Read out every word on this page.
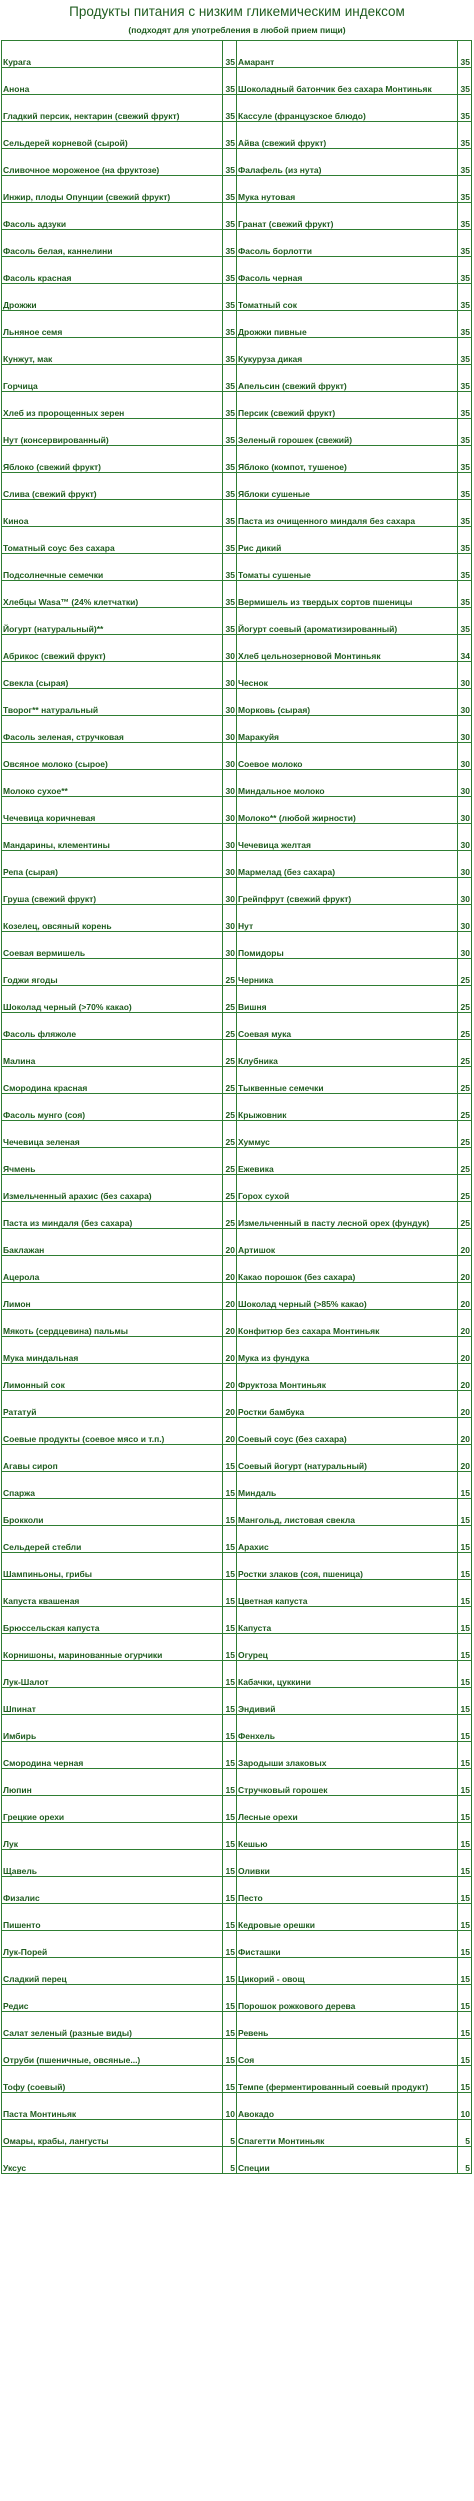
Продукты питания с низким гликемическим индексом
(подходят для употребления в любой прием пищи)
Курага	35	Амарант	35
Анона	35	Шоколадный батончик без сахара Монтиньяк	35
Гладкий персик, нектарин (свежий фрукт)	35	Кассуле (французское блюдо)	35
Сельдерей корневой (сырой)	35	Айва (свежий фрукт)	35
Сливочное мороженое (на фруктозе)	35	Фалафель (из нута)	35
Инжир, плоды Опунции (свежий фрукт)	35	Мука нутовая	35
Фасоль адзуки	35	Гранат (свежий фрукт)	35
Фасоль белая, каннелини	35	Фасоль борлотти	35
Фасоль красная	35	Фасоль черная	35
Дрожжи	35	Томатный сок	35
Льняное семя	35	Дрожжи пивные	35
Кунжут, мак	35	Кукуруза дикая	35
Горчица	35	Апельсин (свежий фрукт)	35
Хлеб из пророщенных зерен	35	Персик (свежий фрукт)	35
Нут (консервированный)	35	Зеленый горошек (свежий)	35
Яблоко (свежий фрукт)	35	Яблоко (компот, тушеное)	35
Слива (свежий фрукт)	35	Яблоки сушеные	35
Киноа	35	Паста из очищенного миндаля без сахара	35
Томатный соус без сахара	35	Рис дикий	35
Подсолнечные семечки	35	Томаты сушеные	35
Хлебцы Wasa™ (24% клетчатки)	35	Вермишель из твердых сортов пшеницы	35
Йогурт (натуральный)**	35	Йогурт соевый (ароматизированный)	35
Абрикос (свежий фрукт)	30	Хлеб цельнозерновой Монтиньяк	34
Свекла (сырая)	30	Чеснок	30
Творог** натуральный	30	Морковь (сырая)	30
Фасоль зеленая, стручковая	30	Маракуйя	30
Овсяное молоко (сырое)	30	Соевое молоко	30
Молоко сухое**	30	Миндальное молоко	30
Чечевица коричневая	30	Молоко** (любой жирности)	30
Мандарины, клементины	30	Чечевица желтая	30
Репа (сырая)	30	Мармелад (без сахара)	30
Груша (свежий фрукт)	30	Грейпфрут (свежий фрукт)	30
Козелец, овсяный корень	30	Нут	30
Соевая вермишель	30	Помидоры	30
Годжи ягоды	25	Черника	25
Шоколад черный (>70% какао)	25	Вишня	25
Фасоль фляжоле	25	Соевая мука	25
Малина	25	Клубника	25
Смородина красная	25	Тыквенные семечки	25
Фасоль мунго (соя)	25	Крыжовник	25
Чечевица зеленая	25	Хуммус	25
Ячмень	25	Ежевика	25
Измельченный арахис (без сахара)	25	Горох сухой	25
Паста из миндаля (без сахара)	25	Измельченный в пасту лесной орех (фундук)	25
Баклажан	20	Артишок	20
Ацерола	20	Какао порошок (без сахара)	20
Лимон	20	Шоколад черный (>85% какао)	20
Мякоть (сердцевина) пальмы	20	Конфитюр без сахара Монтиньяк	20
Мука миндальная	20	Мука из фундука	20
Лимонный сок	20	Фруктоза Монтиньяк	20
Рататуй	20	Ростки бамбука	20
Соевые продукты (соевое мясо и т.п.)	20	Соевый соус (без сахара)	20
Агавы сироп	15	Соевый йогурт (натуральный)	20
Спаржа	15	Миндаль	15
Брокколи	15	Мангольд, листовая свекла	15
Сельдерей стебли	15	Арахис	15
Шампиньоны, грибы	15	Ростки злаков (соя, пшеница)	15
Капуста квашеная	15	Цветная капуста	15
Брюссельская капуста	15	Капуста	15
Корнишоны, маринованные огурчики	15	Огурец	15
Лук-Шалот	15	Кабачки, цуккини	15
Шпинат	15	Эндивий	15
Имбирь	15	Фенхель	15
Смородина черная	15	Зародыши злаковых	15
Люпин	15	Стручковый горошек	15
Грецкие орехи	15	Лесные орехи	15
Лук	15	Кешью	15
Щавель	15	Оливки	15
Физалис	15	Песто	15
Пишенто	15	Кедровые орешки	15
Лук-Порей	15	Фисташки	15
Сладкий перец	15	Цикорий - овощ	15
Редис	15	Порошок рожкового дерева	15
Салат зеленый (разные виды)	15	Ревень	15
Отруби (пшеничные, овсяные...)	15	Соя	15
Тофу (соевый)	15	Темпе (ферментированный соевый продукт)	15
Паста Монтиньяк	10	Авокадо	10
Омары, крабы, лангусты	5	Спагетти Монтиньяк	5
Уксус	5	Специи	5
